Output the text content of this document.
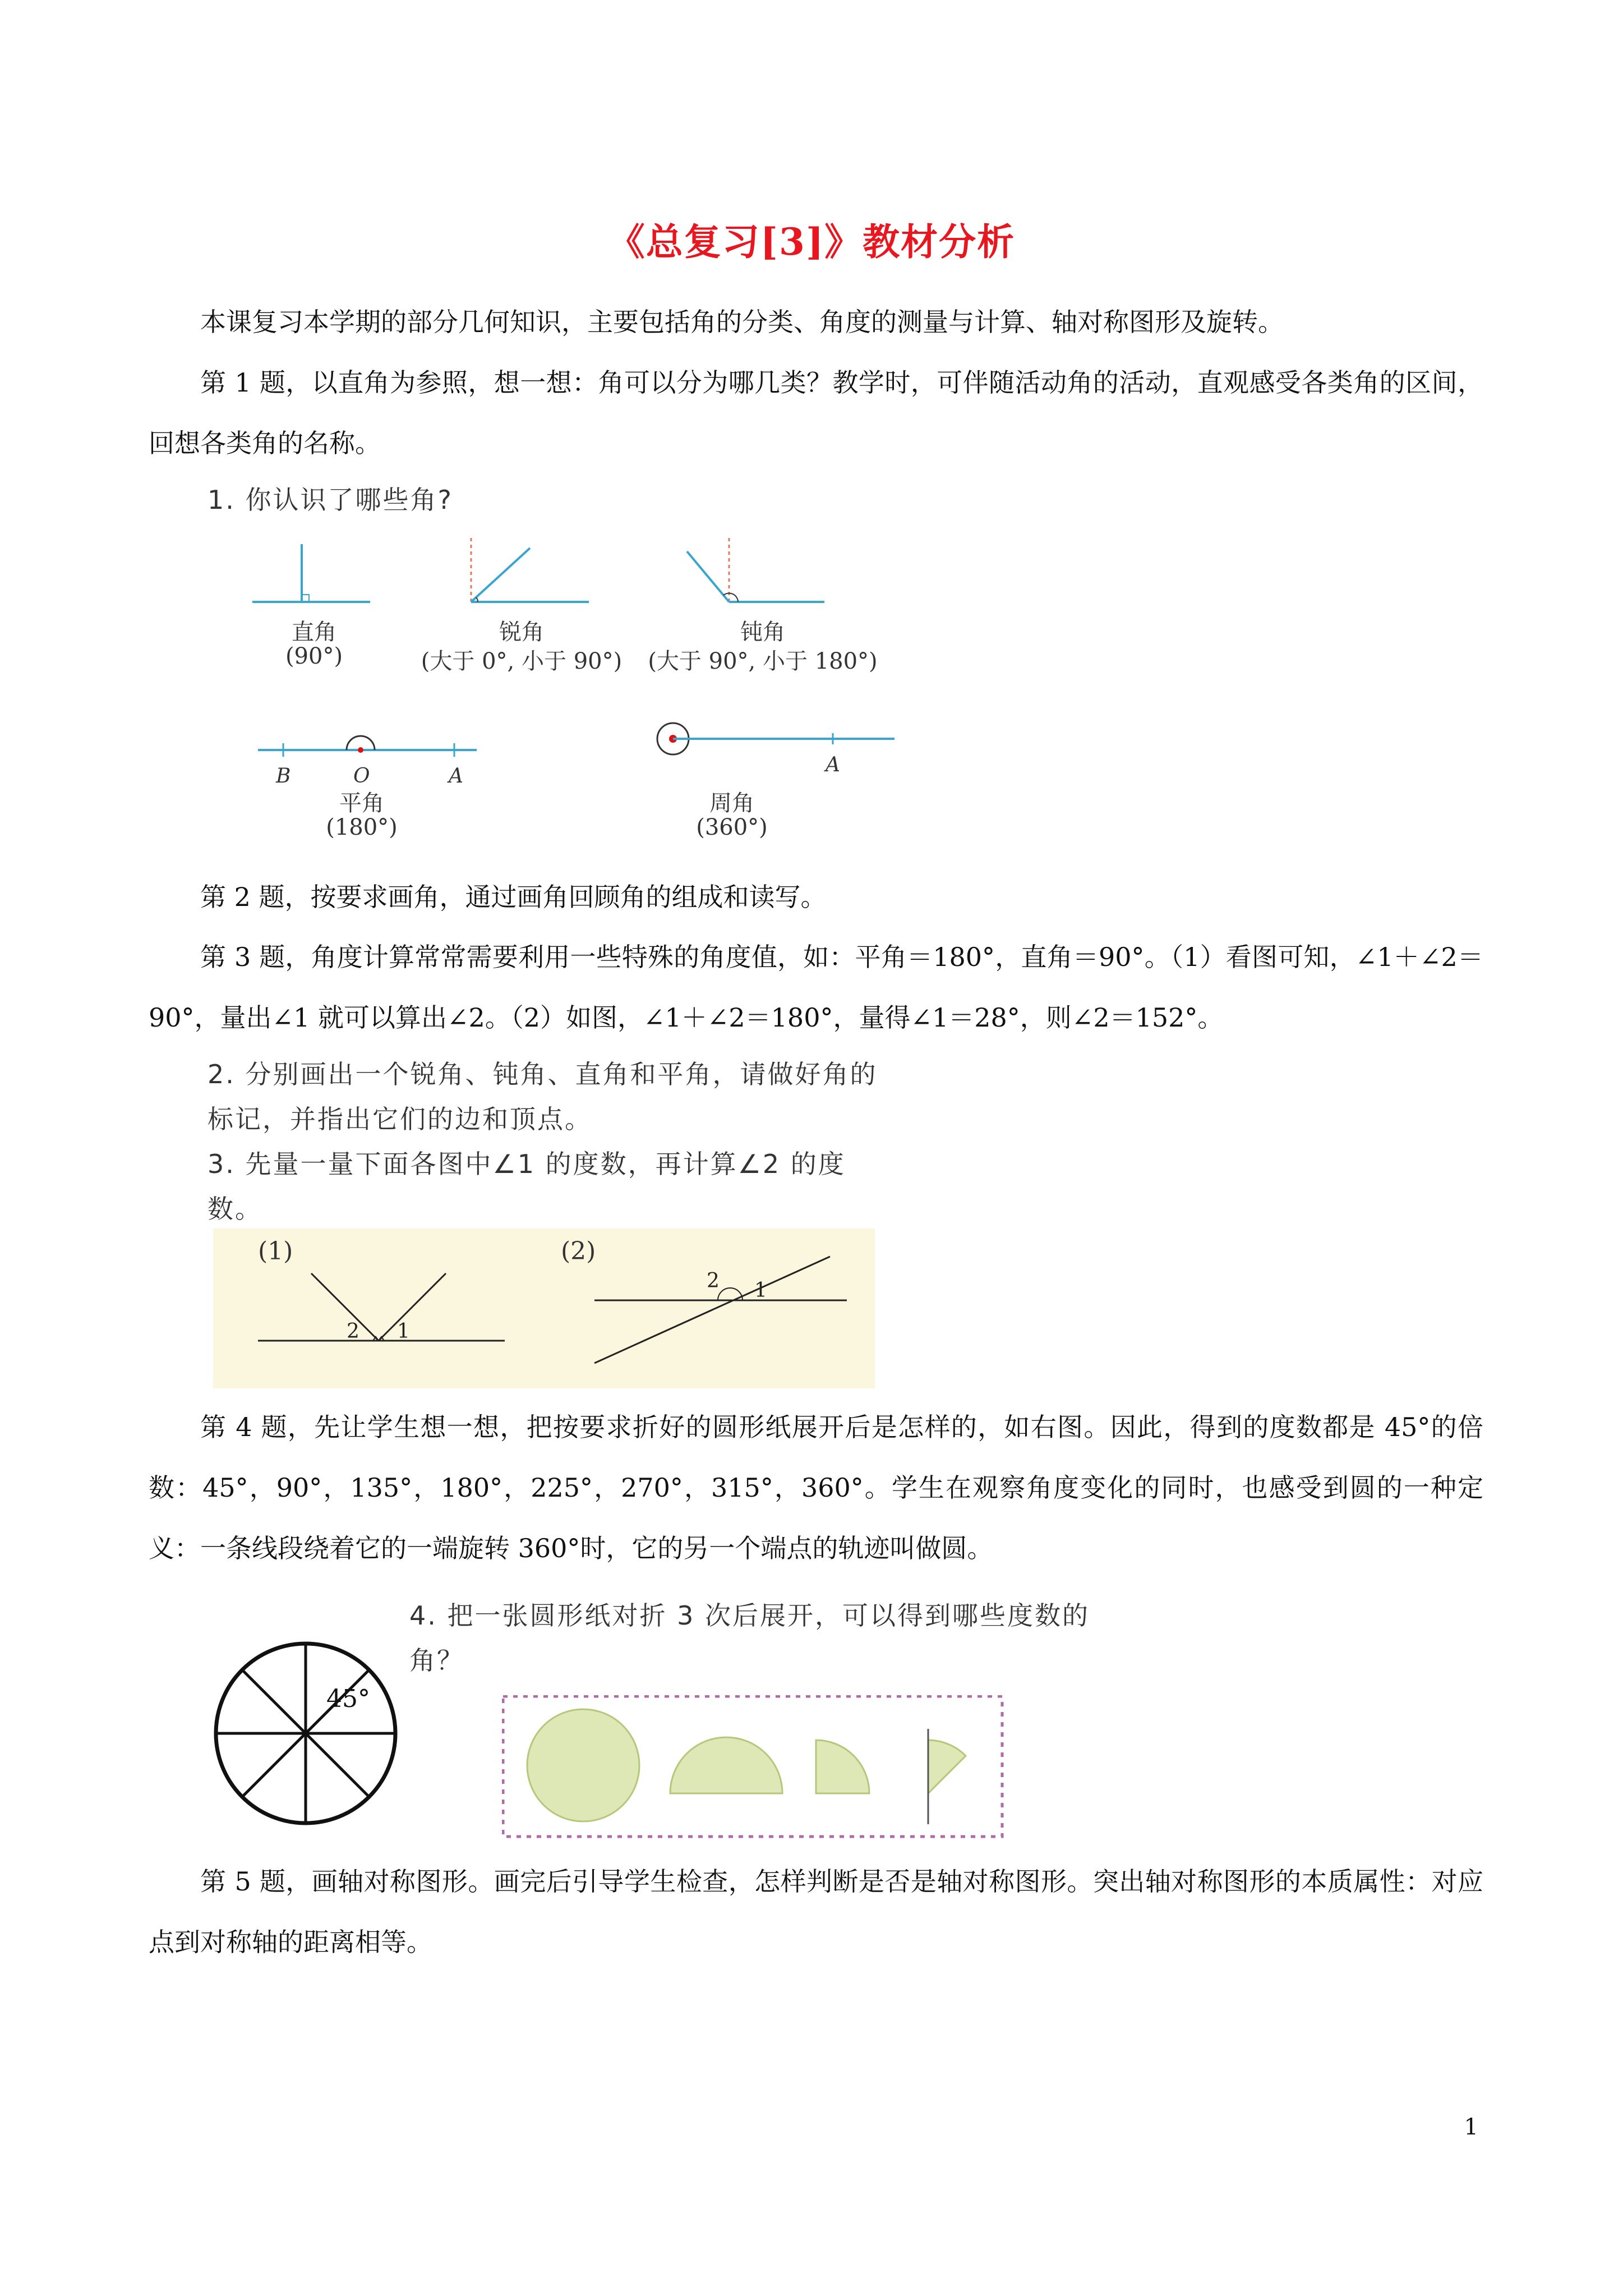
《总复习[3]》教材分析

本课复习本学期的部分几何知识，主要包括角的分类、角度的测量与计算、轴对称图形及旋转。

第 1 题，以直角为参照，想一想：角可以分为哪几类？教学时，可伴随活动角的活动，直观感受各类角的区间，回想各类角的名称。

1. 你认识了哪些角?
B	O	A	A
直角
(90°)
锐角
(大于 0°, 小于 90°)
钝角
(大于 90°, 小于 180°)
平角
(180°)
周角
(360°)

第 2 题，按要求画角，通过画角回顾角的组成和读写。

第 3 题，角度计算常常需要利用一些特殊的角度值，如：平角＝180°，直角＝90°。（1）看图可知，∠1＋∠2＝90°，量出∠1 就可以算出∠2。（2）如图，∠1＋∠2＝180°，量得∠1＝28°，则∠2＝152°。

2. 分别画出一个锐角、钝角、直角和平角，请做好角的标记，并指出它们的边和顶点。
3. 先量一量下面各图中∠1 的度数，再计算∠2 的度数。
(1)	(2)
2 1
2 1

第 4 题，先让学生想一想，把按要求折好的圆形纸展开后是怎样的，如右图。因此，得到的度数都是 45°的倍数：45°，90°，135°，180°，225°，270°，315°，360°。学生在观察角度变化的同时，也感受到圆的一种定义：一条线段绕着它的一端旋转 360°时，它的另一个端点的轨迹叫做圆。

45°
4. 把一张圆形纸对折 3 次后展开，可以得到哪些度数的角？

第 5 题，画轴对称图形。画完后引导学生检查，怎样判断是否是轴对称图形。突出轴对称图形的本质属性：对应点到对称轴的距离相等。

1
